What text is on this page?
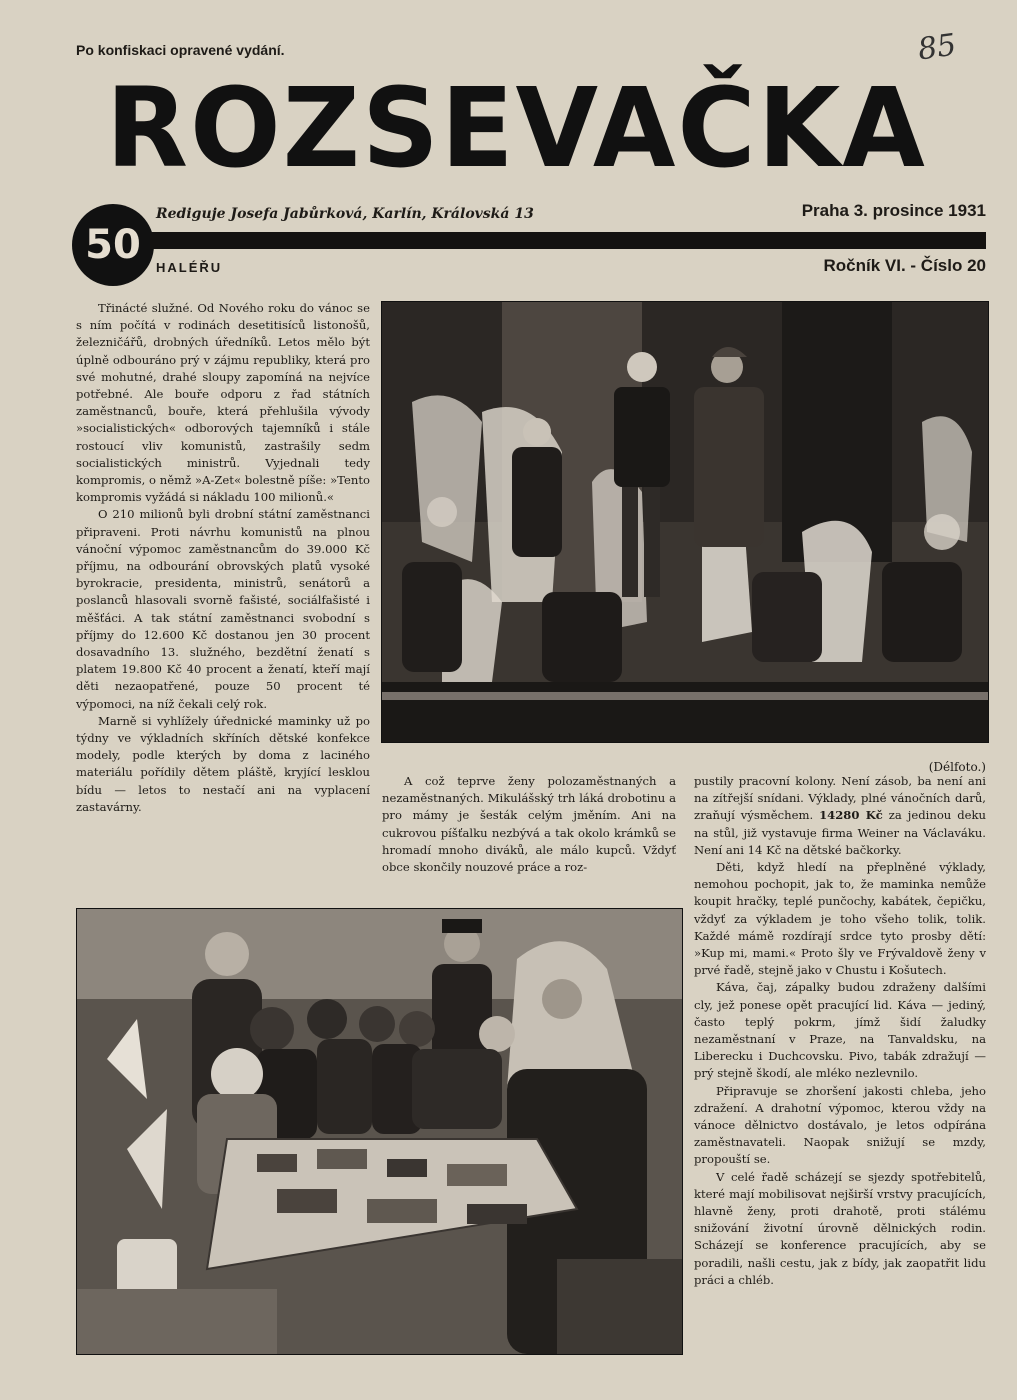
Po konfiskaci opravené vydání.	85
ROZSEVAČKA
50
Rediguje Josefa Jabůrková, Karlín, Královská 13	Praha 3. prosince 1931
HALÉŘU	Ročník VI. - Číslo 20

Třinácté služné. Od Nového roku do vánoc se s ním počítá v rodinách desetitisíců listonošů, železničářů, drobných úředníků. Letos mělo být úplně odbouráno prý v zájmu republiky, která pro své mohutné, drahé sloupy zapomíná na nejvíce potřebné. Ale bouře odporu z řad státních zaměstnanců, bouře, která přehlušila vývody »socialistických« odborových tajemníků i stále rostoucí vliv komunistů, zastrašily sedm socialistických ministrů. Vyjednali tedy kompromis, o němž »A-Zet« bolestně píše: »Tento kompromis vyžádá si nákladu 100 milionů.«

O 210 milionů byli drobní státní zaměstnanci připraveni. Proti návrhu komunistů na plnou vánoční výpomoc zaměstnancům do 39.000 Kč příjmu, na odbourání obrovských platů vysoké byrokracie, presidenta, ministrů, senátorů a poslanců hlasovali svorně fašisté, sociálfašisté i měšťáci. A tak státní zaměstnanci svobodní s příjmy do 12.600 Kč dostanou jen 30 procent dosavadního 13. služného, bezdětní ženatí s platem 19.800 Kč 40 procent a ženatí, kteří mají děti nezaopatřené, pouze 50 procent té výpomoci, na níž čekali celý rok.

Marně si vyhlížely úřednické maminky už po týdny ve výkladních skříních dětské konfekce modely, podle kterých by doma z laciného materiálu pořídily dětem pláště, kryjící lesklou bídu — letos to nestačí ani na vyplacení zastavárny.

(Délfoto.)

A což teprve ženy polozaměstnaných a nezaměstnaných. Mikulášský trh láká drobotinu a pro mámy je šesták celým jměním. Ani na cukrovou píšťalku nezbývá a tak okolo krámků se hromadí mnoho diváků, ale málo kupců. Vždyť obce skončily nouzové práce a roz-

pustily pracovní kolony. Není zásob, ba není ani na zítřejší snídani. Výklady, plné vánočních darů, zraňují výsměchem. 14280 Kč za jedinou deku na stůl, již vystavuje firma Weiner na Václaváku. Není ani 14 Kč na dětské bačkorky.

Děti, když hledí na přeplněné výklady, nemohou pochopit, jak to, že maminka nemůže koupit hračky, teplé punčochy, kabátek, čepičku, vždyť za výkladem je toho všeho tolik, tolik. Každé mámě rozdírají srdce tyto prosby dětí: »Kup mi, mami.« Proto šly ve Frývaldově ženy v prvé řadě, stejně jako v Chustu i Košutech.

Káva, čaj, zápalky budou zdraženy dalšími cly, jež ponese opět pracující lid. Káva — jediný, často teplý pokrm, jímž šidí žaludky nezaměstnaní v Praze, na Tanvaldsku, na Liberecku i Duchcovsku. Pivo, tabák zdražují — prý stejně škodí, ale mléko nezlevnilo.

Připravuje se zhoršení jakosti chleba, jeho zdražení. A drahotní výpomoc, kterou vždy na vánoce dělnictvo dostávalo, je letos odpírána zaměstnavateli. Naopak snižují se mzdy, propouští se.

V celé řadě scházejí se sjezdy spotřebitelů, které mají mobilisovat nejširší vrstvy pracujících, hlavně ženy, proti drahotě, proti stálému snižování životní úrovně dělnických rodin. Scházejí se konference pracujících, aby se poradili, našli cestu, jak z bídy, jak zaopatřit lidu práci a chléb.
